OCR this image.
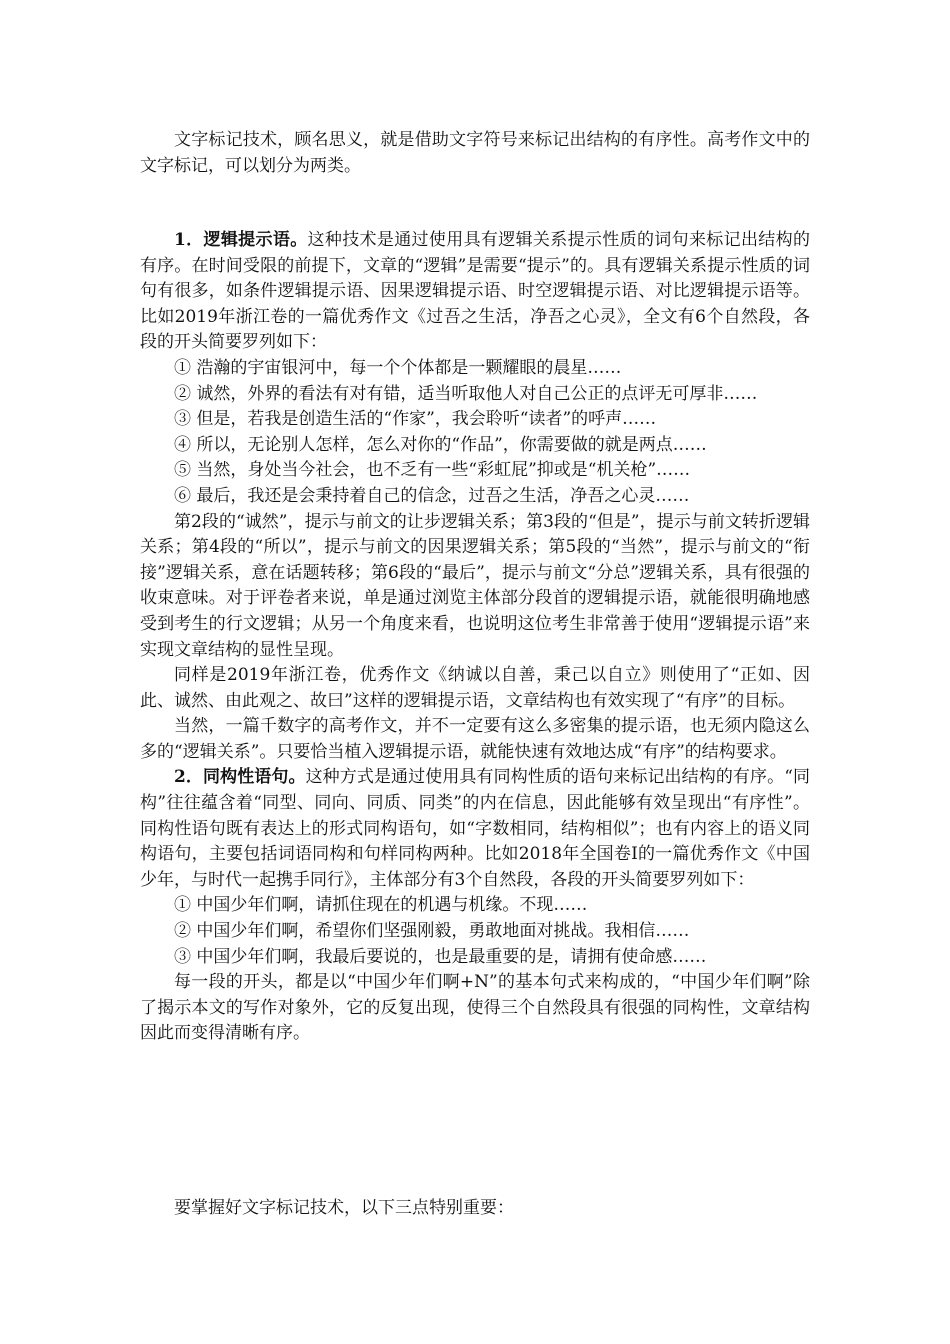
文字标记技术，顾名思义，就是借助文字符号来标记出结构的有序性。高考作文中的文字标记，可以划分为两类。

1．逻辑提示语。这种技术是通过使用具有逻辑关系提示性质的词句来标记出结构的有序。在时间受限的前提下，文章的“逻辑”是需要“提示”的。具有逻辑关系提示性质的词句有很多，如条件逻辑提示语、因果逻辑提示语、时空逻辑提示语、对比逻辑提示语等。比如2019年浙江卷的一篇优秀作文《过吾之生活，净吾之心灵》，全文有6个自然段，各段的开头简要罗列如下：

① 浩瀚的宇宙银河中，每一个个体都是一颗耀眼的晨星……

② 诚然，外界的看法有对有错，适当听取他人对自己公正的点评无可厚非……

③ 但是，若我是创造生活的“作家”，我会聆听“读者”的呼声……

④ 所以，无论别人怎样，怎么对你的“作品”，你需要做的就是两点……

⑤ 当然，身处当今社会，也不乏有一些“彩虹屁”抑或是“机关枪”……

⑥ 最后，我还是会秉持着自己的信念，过吾之生活，净吾之心灵……

第2段的“诚然”，提示与前文的让步逻辑关系；第3段的“但是”，提示与前文转折逻辑关系；第4段的“所以”，提示与前文的因果逻辑关系；第5段的“当然”，提示与前文的“衔接”逻辑关系，意在话题转移；第6段的“最后”，提示与前文“分总”逻辑关系，具有很强的收束意味。对于评卷者来说，单是通过浏览主体部分段首的逻辑提示语，就能很明确地感受到考生的行文逻辑；从另一个角度来看，也说明这位考生非常善于使用“逻辑提示语”来实现文章结构的显性呈现。

同样是2019年浙江卷，优秀作文《纳诚以自善，秉己以自立》则使用了“正如、因此、诚然、由此观之、故曰”这样的逻辑提示语，文章结构也有效实现了“有序”的目标。

当然，一篇千数字的高考作文，并不一定要有这么多密集的提示语，也无须内隐这么多的“逻辑关系”。只要恰当植入逻辑提示语，就能快速有效地达成“有序”的结构要求。

2．同构性语句。这种方式是通过使用具有同构性质的语句来标记出结构的有序。“同构”往往蕴含着“同型、同向、同质、同类”的内在信息，因此能够有效呈现出“有序性”。同构性语句既有表达上的形式同构语句，如“字数相同，结构相似”；也有内容上的语义同构语句，主要包括词语同构和句样同构两种。比如2018年全国卷Ⅰ的一篇优秀作文《中国少年，与时代一起携手同行》，主体部分有3个自然段，各段的开头简要罗列如下：

① 中国少年们啊，请抓住现在的机遇与机缘。不现……

② 中国少年们啊，希望你们坚强刚毅，勇敢地面对挑战。我相信……

③ 中国少年们啊，我最后要说的，也是最重要的是，请拥有使命感……

每一段的开头，都是以“中国少年们啊+N”的基本句式来构成的，“中国少年们啊”除了揭示本文的写作对象外，它的反复出现，使得三个自然段具有很强的同构性，文章结构因此而变得清晰有序。

要掌握好文字标记技术，以下三点特别重要：
